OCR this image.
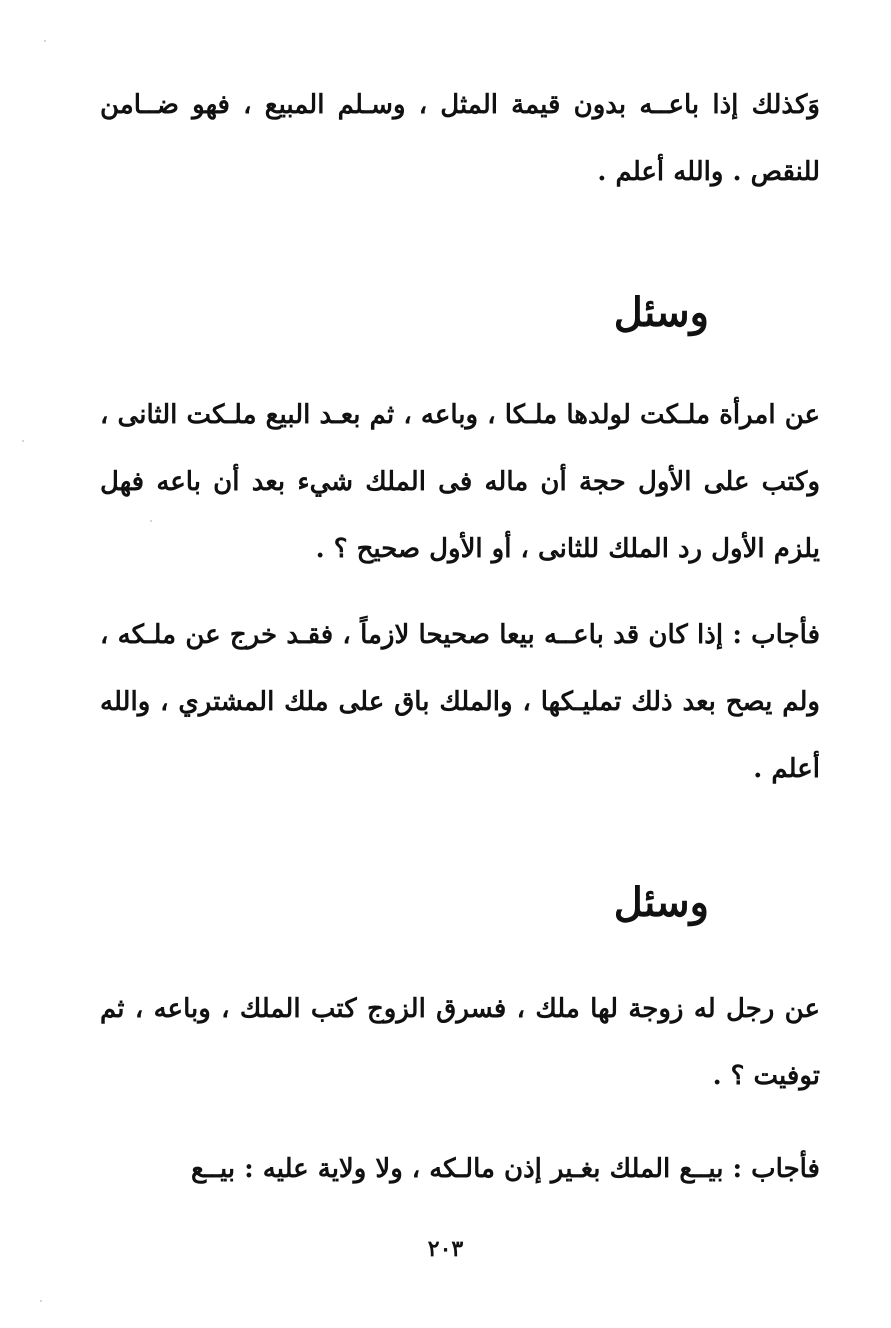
وَكذلك إذا باعــه بدون قيمة المثل ، وسـلم المبيع ، فهو ضــامن للنقص . والله أعلم .
وسئل
عن امرأة ملـكت لولدها ملـكا ، وباعه ، ثم بعـد البيع ملـكت الثانى ، وكتب على الأول حجة أن ماله فى الملك شيء بعد أن باعه فهل يلزم الأول رد الملك للثانى ، أو الأول صحيح ؟ .
فأجاب : إذا كان قد باعــه بيعا صحيحا لازماً ، فقـد خرج عن ملـكه ، ولم يصح بعد ذلك تمليـكها ، والملك باق على ملك المشتري ، والله أعلم .
وسئل
عن رجل له زوجة لها ملك ، فسرق الزوج كتب الملك ، وباعه ، ثم توفيت ؟ .
فأجاب : بيــع الملك بغـير إذن مالـكه ، ولا ولاية عليه : بيــع
٢٠٣
